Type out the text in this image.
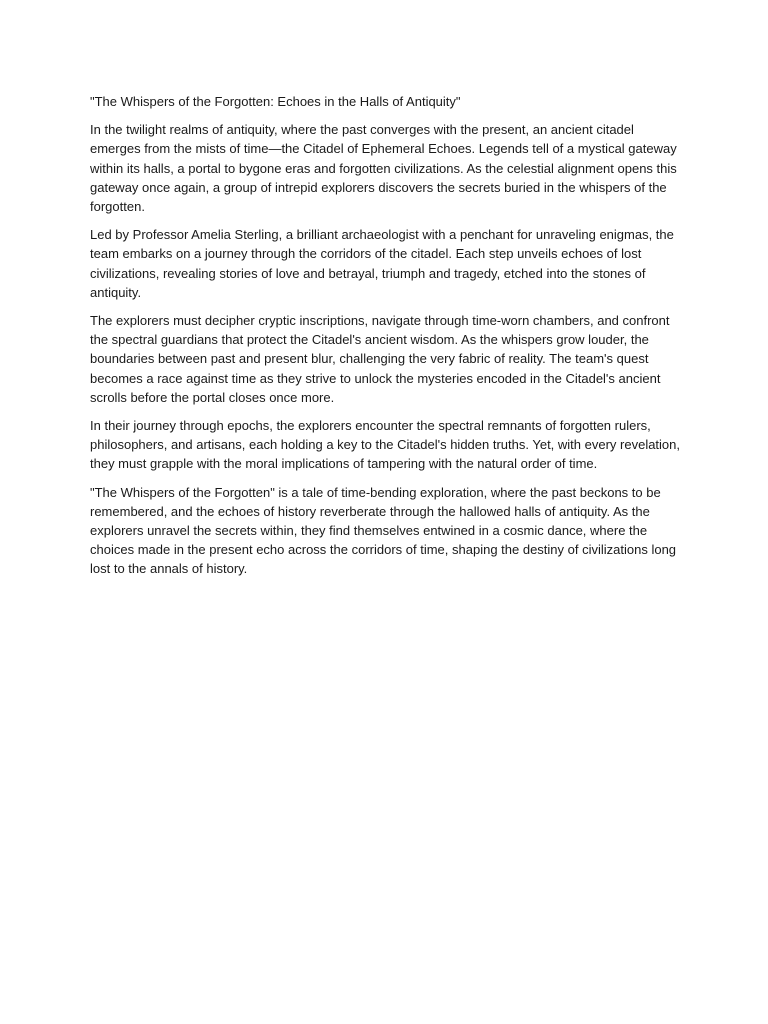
"The Whispers of the Forgotten: Echoes in the Halls of Antiquity"

In the twilight realms of antiquity, where the past converges with the present, an ancient citadel emerges from the mists of time—the Citadel of Ephemeral Echoes. Legends tell of a mystical gateway within its halls, a portal to bygone eras and forgotten civilizations. As the celestial alignment opens this gateway once again, a group of intrepid explorers discovers the secrets buried in the whispers of the forgotten.

Led by Professor Amelia Sterling, a brilliant archaeologist with a penchant for unraveling enigmas, the team embarks on a journey through the corridors of the citadel. Each step unveils echoes of lost civilizations, revealing stories of love and betrayal, triumph and tragedy, etched into the stones of antiquity.

The explorers must decipher cryptic inscriptions, navigate through time-worn chambers, and confront the spectral guardians that protect the Citadel's ancient wisdom. As the whispers grow louder, the boundaries between past and present blur, challenging the very fabric of reality. The team's quest becomes a race against time as they strive to unlock the mysteries encoded in the Citadel's ancient scrolls before the portal closes once more.

In their journey through epochs, the explorers encounter the spectral remnants of forgotten rulers, philosophers, and artisans, each holding a key to the Citadel's hidden truths. Yet, with every revelation, they must grapple with the moral implications of tampering with the natural order of time.

"The Whispers of the Forgotten" is a tale of time-bending exploration, where the past beckons to be remembered, and the echoes of history reverberate through the hallowed halls of antiquity. As the explorers unravel the secrets within, they find themselves entwined in a cosmic dance, where the choices made in the present echo across the corridors of time, shaping the destiny of civilizations long lost to the annals of history.
